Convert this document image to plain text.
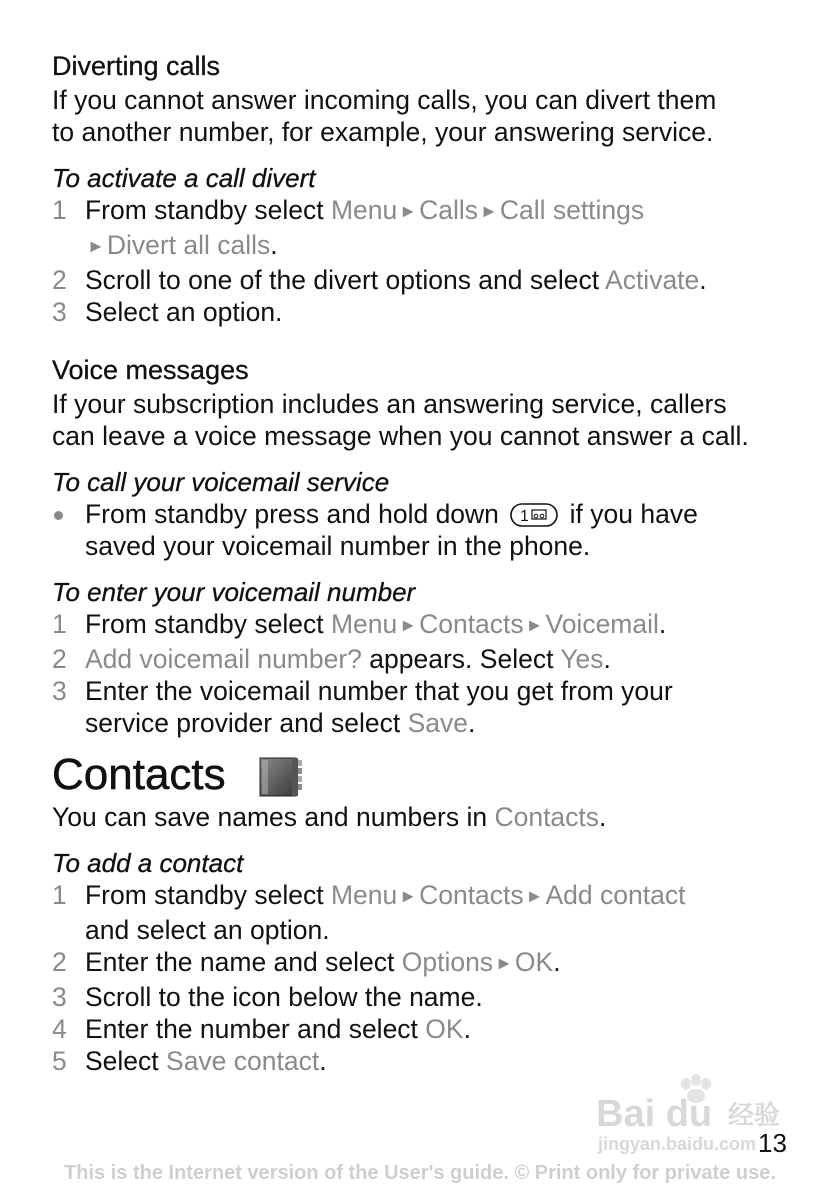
Diverting calls

If you cannot answer incoming calls, you can divert them

to another number, for example, your answering service.

To activate a call divert

1 From standby select Menu ►Calls ►Call settings
►Divert all calls.
2 Scroll to one of the divert options and select Activate.
3 Select an option.
Voice messages

If your subscription includes an answering service, callers

can leave a voice message when you cannot answer a call.

To call your voicemail service

From standby press and hold down 1 if you have
saved your voicemail number in the phone.

To enter your voicemail number

1 From standby select Menu ►Contacts ►Voicemail.
2 Add voicemail number? appears. Select Yes.
3 Enter the voicemail number that you get from your
service provider and select Save.
Contacts

You can save names and numbers in Contacts.

To add a contact

1 From standby select Menu ►Contacts ►Add contact
and select an option.
2 Enter the name and select Options ►OK.
3 Scroll to the icon below the name.
4 Enter the number and select OK.
5 Select Save contact.
Bai du 经验
jingyan.baidu.com 13
This is the Internet version of the User's guide. © Print only for private use.
